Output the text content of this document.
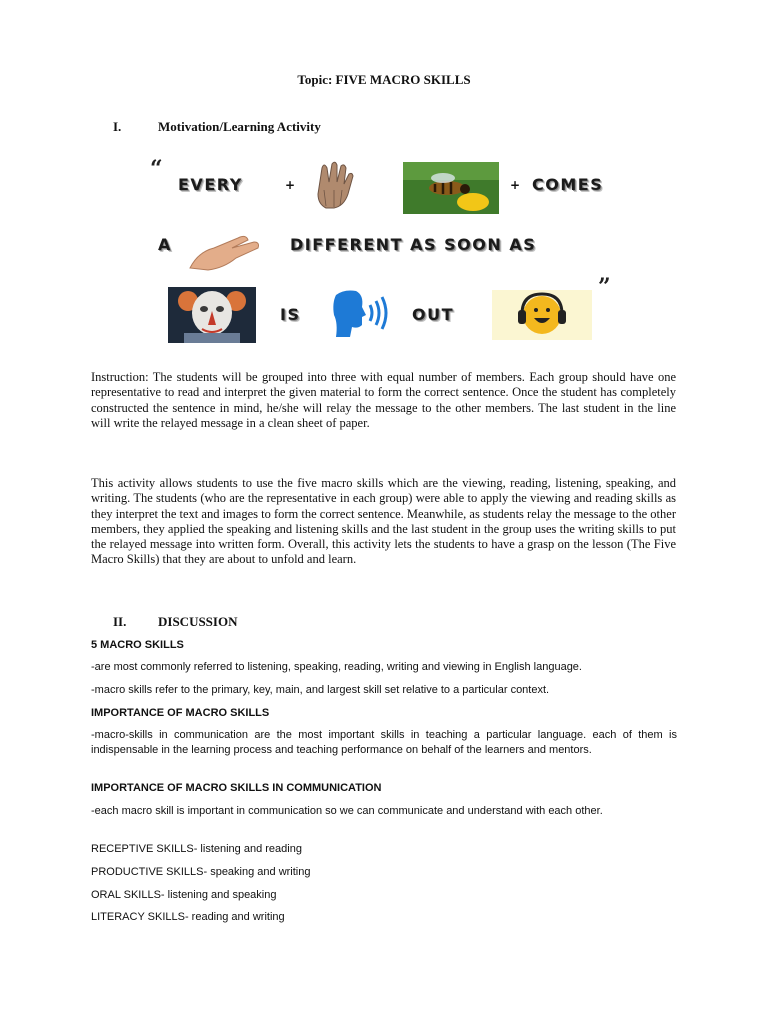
Topic: FIVE MACRO SKILLS
I.	Motivation/Learning Activity
“
EVERY	+	+ COMES
A	DIFFERENT AS SOON AS
IS	OUT
”
Instruction: The students will be grouped into three with equal number of members. Each group should have one representative to read and interpret the given material to form the correct sentence. Once the student has completely constructed the sentence in mind, he/she will relay the message to the other members. The last student in the line will write the relayed message in a clean sheet of paper.
This activity allows students to use the five macro skills which are the viewing, reading, listening, speaking, and writing. The students (who are the representative in each group) were able to apply the viewing and reading skills as they interpret the text and images to form the correct sentence. Meanwhile, as students relay the message to the other members, they applied the speaking and listening skills and the last student in the group uses the writing skills to put the relayed message into written form. Overall, this activity lets the students to have a grasp on the lesson (The Five Macro Skills) that they are about to unfold and learn.
II. DISCUSSION
5 MACRO SKILLS
-are most commonly referred to listening, speaking, reading, writing and viewing in English language.
-macro skills refer to the primary, key, main, and largest skill set relative to a particular context.
IMPORTANCE OF MACRO SKILLS
-macro-skills in communication are the most important skills in teaching a particular language. each of them is indispensable in the learning process and teaching performance on behalf of the learners and mentors.
IMPORTANCE OF MACRO SKILLS IN COMMUNICATION
-each macro skill is important in communication so we can communicate and understand with each other.
RECEPTIVE SKILLS- listening and reading
PRODUCTIVE SKILLS- speaking and writing
ORAL SKILLS- listening and speaking
LITERACY SKILLS- reading and writing
